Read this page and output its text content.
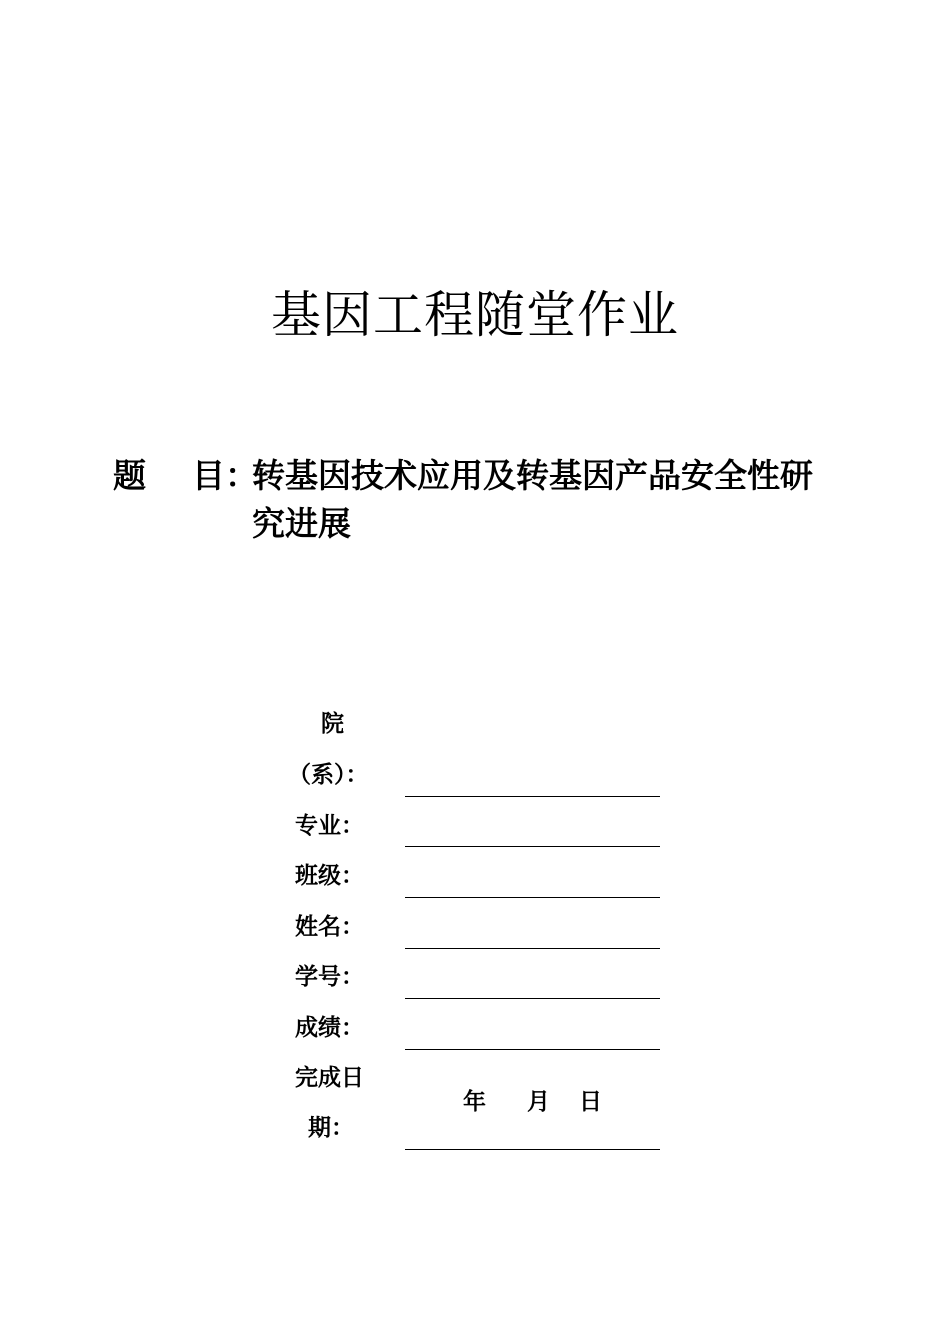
基因工程随堂作业
题    目：
转基因技术应用及转基因产品安全性研
究进展
院
（系）：
专业：
班级：
姓名：
学号：
成绩：
完成日
期：
年 月 日
